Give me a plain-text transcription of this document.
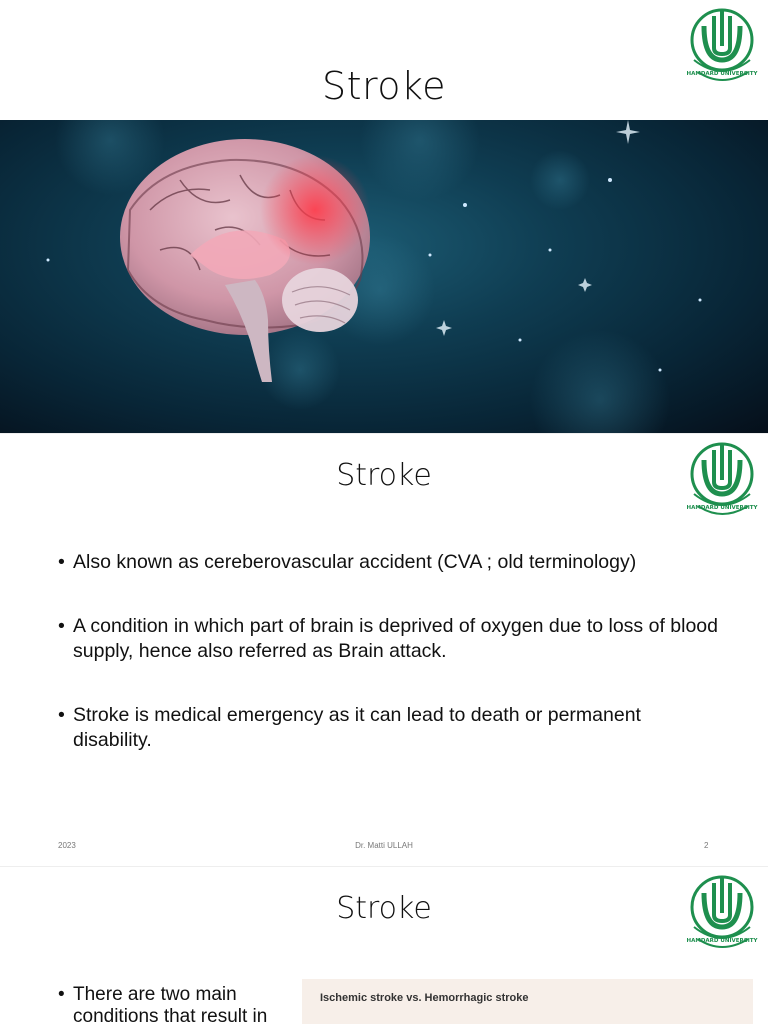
Stroke
Stroke
• Also known as cereberovascular accident (CVA ; old terminology)
• A condition in which part of brain is deprived of oxygen due to loss of blood supply, hence also referred as Brain attack.
• Stroke is medical emergency as it can lead to death or permanent disability.
2023	Dr. Matti ULLAH	2
Stroke
• There are two main conditions that result in
Ischemic stroke vs. Hemorrhagic stroke
